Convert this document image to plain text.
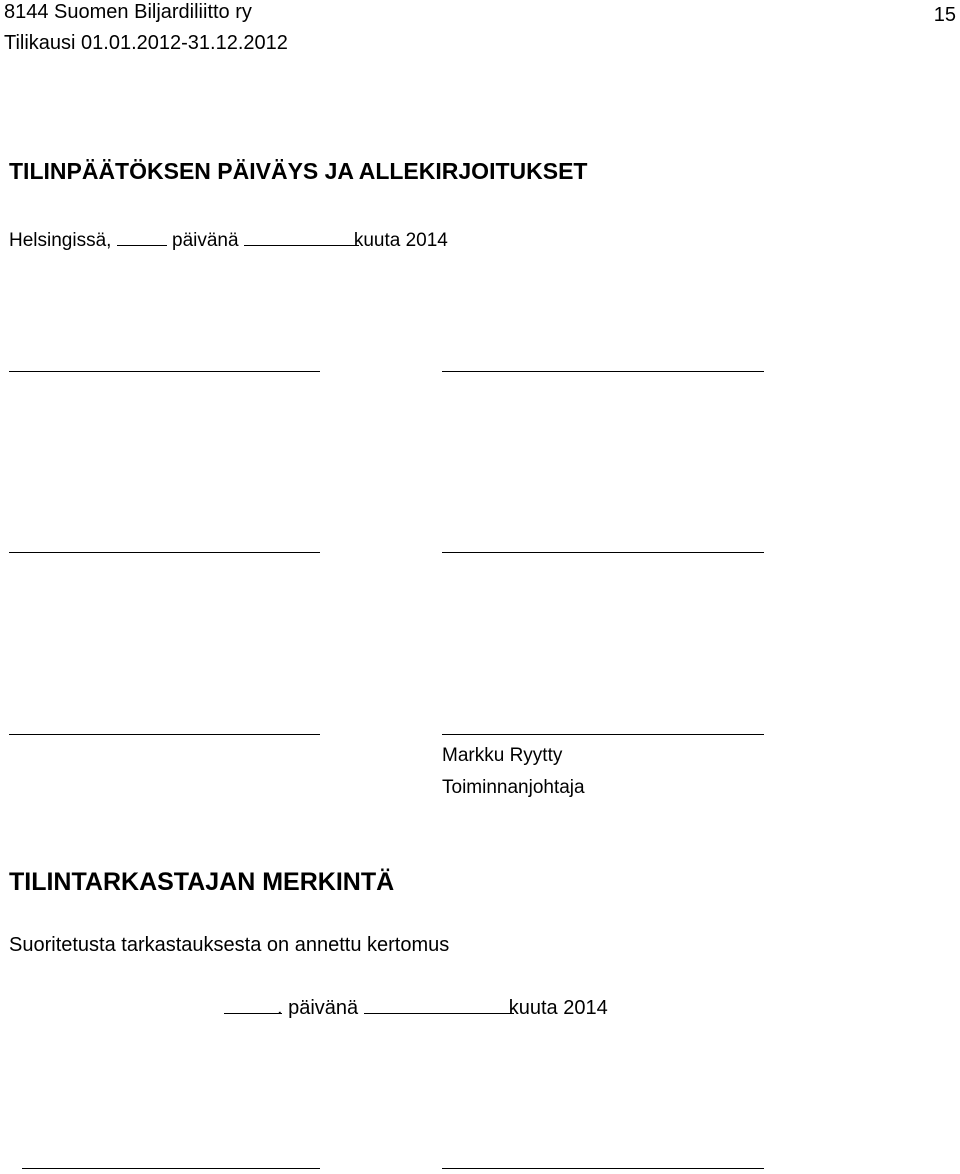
8144 Suomen Biljardiliitto ry
Tilikausi 01.01.2012-31.12.2012
15
TILINPÄÄTÖKSEN PÄIVÄYS JA ALLEKIRJOITUKSET
Helsingissä,	päivänä	kuuta 2014
Markku Ryytty
Toiminnanjohtaja
TILINTARKASTAJAN MERKINTÄ
Suoritetusta tarkastauksesta on annettu kertomus
. päivänä	kuuta 2014
